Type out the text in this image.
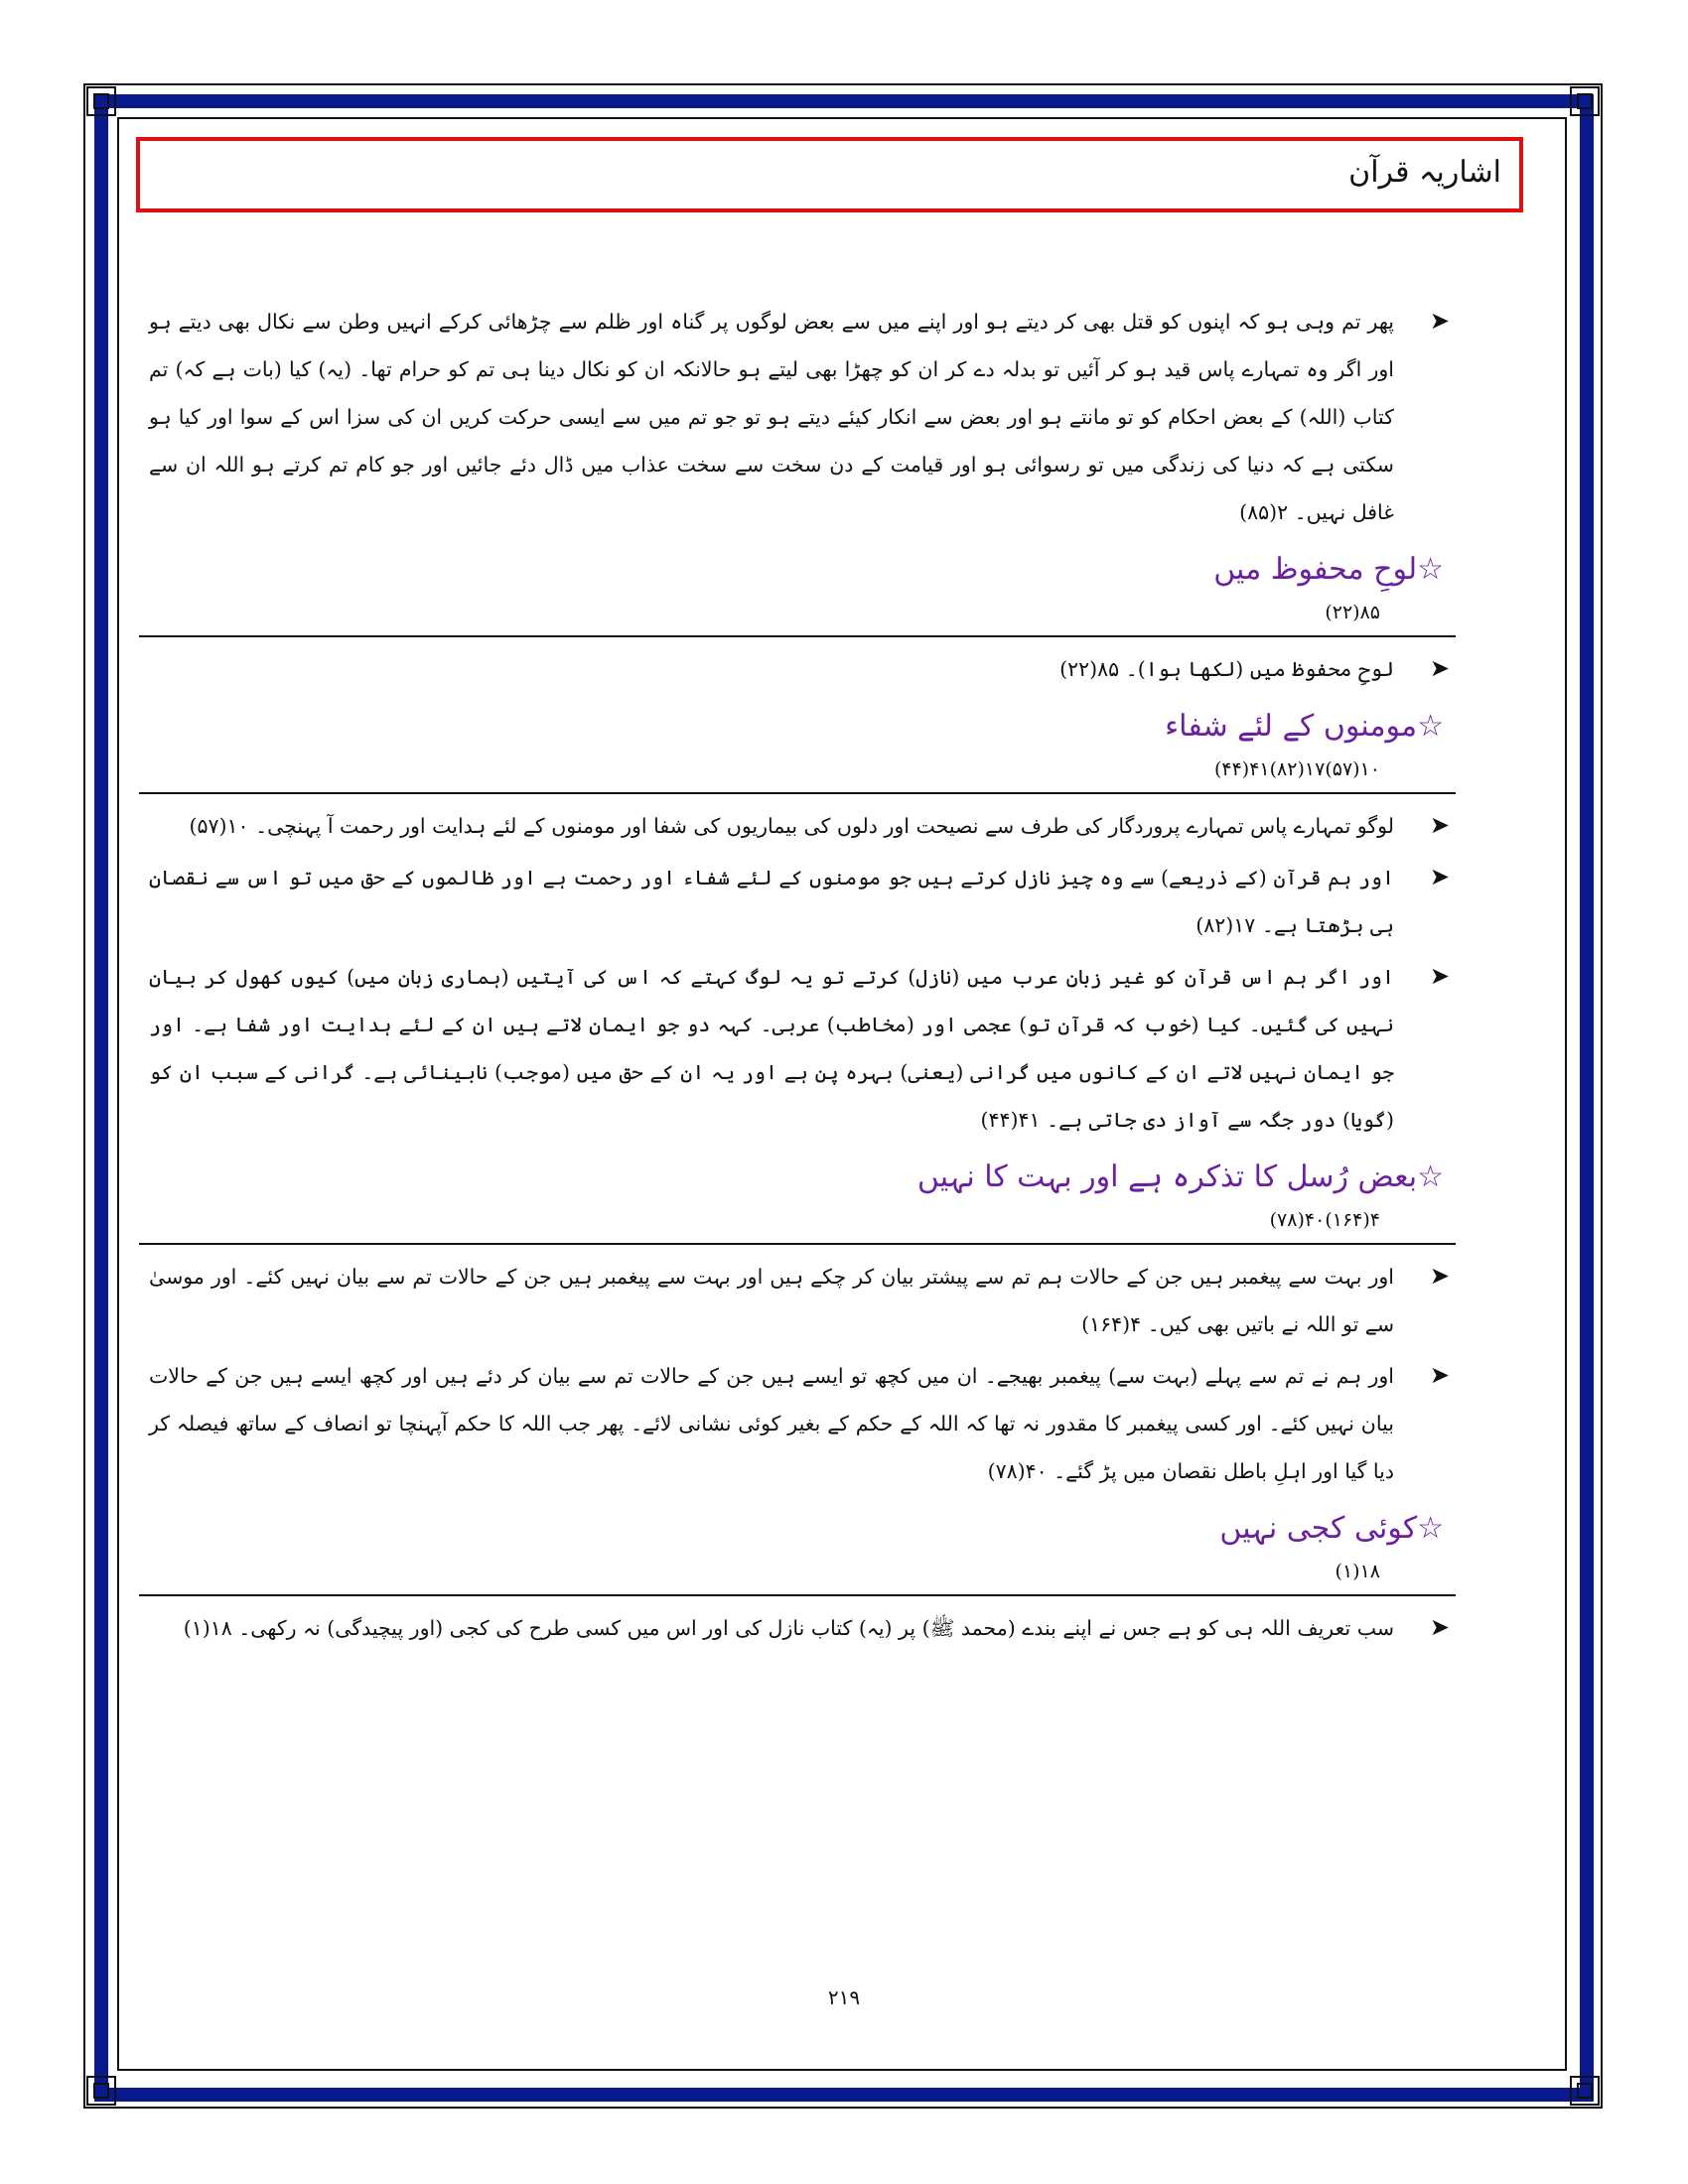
اشاریہ قرآن
➤
پھر تم وہی ہو کہ اپنوں کو قتل بھی کر دیتے ہو اور اپنے میں سے بعض لوگوں پر گناہ اور ظلم سے چڑھائی کرکے انہیں وطن سے نکال بھی دیتے ہو اور اگر وہ تمہارے پاس قید ہو کر آئیں تو بدلہ دے کر ان کو چھڑا بھی لیتے ہو حالانکہ ان کو نکال دینا ہی تم کو حرام تھا۔ (یہ) کیا (بات ہے کہ) تم کتاب (اللہ) کے بعض احکام کو تو مانتے ہو اور بعض سے انکار کیئے دیتے ہو تو جو تم میں سے ایسی حرکت کریں ان کی سزا اس کے سوا اور کیا ہو سکتی ہے کہ دنیا کی زندگی میں تو رسوائی ہو اور قیامت کے دن سخت سے سخت عذاب میں ڈال دئے جائیں اور جو کام تم کرتے ہو اللہ ان سے غافل نہیں۔ ۲(۸۵)
☆لوحِ محفوظ میں
۸۵(۲۲)
➤
لوحِ محفوظ میں (لکھا ہوا)۔ ۸۵(۲۲)
☆مومنوں کے لئے شفاء
۱۰(۵۷)۱۷(۸۲)۴۱(۴۴)
➤
لوگو تمہارے پاس تمہارے پروردگار کی طرف سے نصیحت اور دلوں کی بیماریوں کی شفا اور مومنوں کے لئے ہدایت اور رحمت آ پہنچی۔ ۱۰(۵۷)
➤
اور ہم قرآن (کے ذریعے) سے وہ چیز نازل کرتے ہیں جو مومنوں کے لئے شفاء اور رحمت ہے اور ظالموں کے حق میں تو اس سے نقصان ہی بڑھتا ہے۔ ۱۷(۸۲)
➤
اور اگر ہم اس قرآن کو غیر زبانِ عرب میں (نازل) کرتے تو یہ لوگ کہتے کہ اس کی آیتیں (ہماری زبان میں) کیوں کھول کر بیان نہیں کی گئیں۔ کیا (خوب کہ قرآن تو) عجمی اور (مخاطب) عربی۔ کہہ دو جو ایمان لاتے ہیں ان کے لئے ہدایت اور شفا ہے۔ اور جو ایمان نہیں لاتے ان کے کانوں میں گرانی (یعنی) بہرہ پن ہے اور یہ ان کے حق میں (موجب) نابینائی ہے۔ گرانی کے سبب ان کو (گویا) دور جگہ سے آواز دی جاتی ہے۔ ۴۱(۴۴)
☆بعض رُسل کا تذکرہ ہے اور بہت کا نہیں
۴(۱۶۴)۴۰(۷۸)
➤
اور بہت سے پیغمبر ہیں جن کے حالات ہم تم سے پیشتر بیان کر چکے ہیں اور بہت سے پیغمبر ہیں جن کے حالات تم سے بیان نہیں کئے۔ اور موسیٰ سے تو اللہ نے باتیں بھی کیں۔ ۴(۱۶۴)
➤
اور ہم نے تم سے پہلے (بہت سے) پیغمبر بھیجے۔ ان میں کچھ تو ایسے ہیں جن کے حالات تم سے بیان کر دئے ہیں اور کچھ ایسے ہیں جن کے حالات بیان نہیں کئے۔ اور کسی پیغمبر کا مقدور نہ تھا کہ اللہ کے حکم کے بغیر کوئی نشانی لائے۔ پھر جب اللہ کا حکم آپہنچا تو انصاف کے ساتھ فیصلہ کر دیا گیا اور اہلِ باطل نقصان میں پڑ گئے۔ ۴۰(۷۸)
☆کوئی کجی نہیں
۱۸(۱)
➤
سب تعریف اللہ ہی کو ہے جس نے اپنے بندے (محمد ﷺ) پر (یہ) کتاب نازل کی اور اس میں کسی طرح کی کجی (اور پیچیدگی) نہ رکھی۔ ۱۸(۱)
۲۱۹
